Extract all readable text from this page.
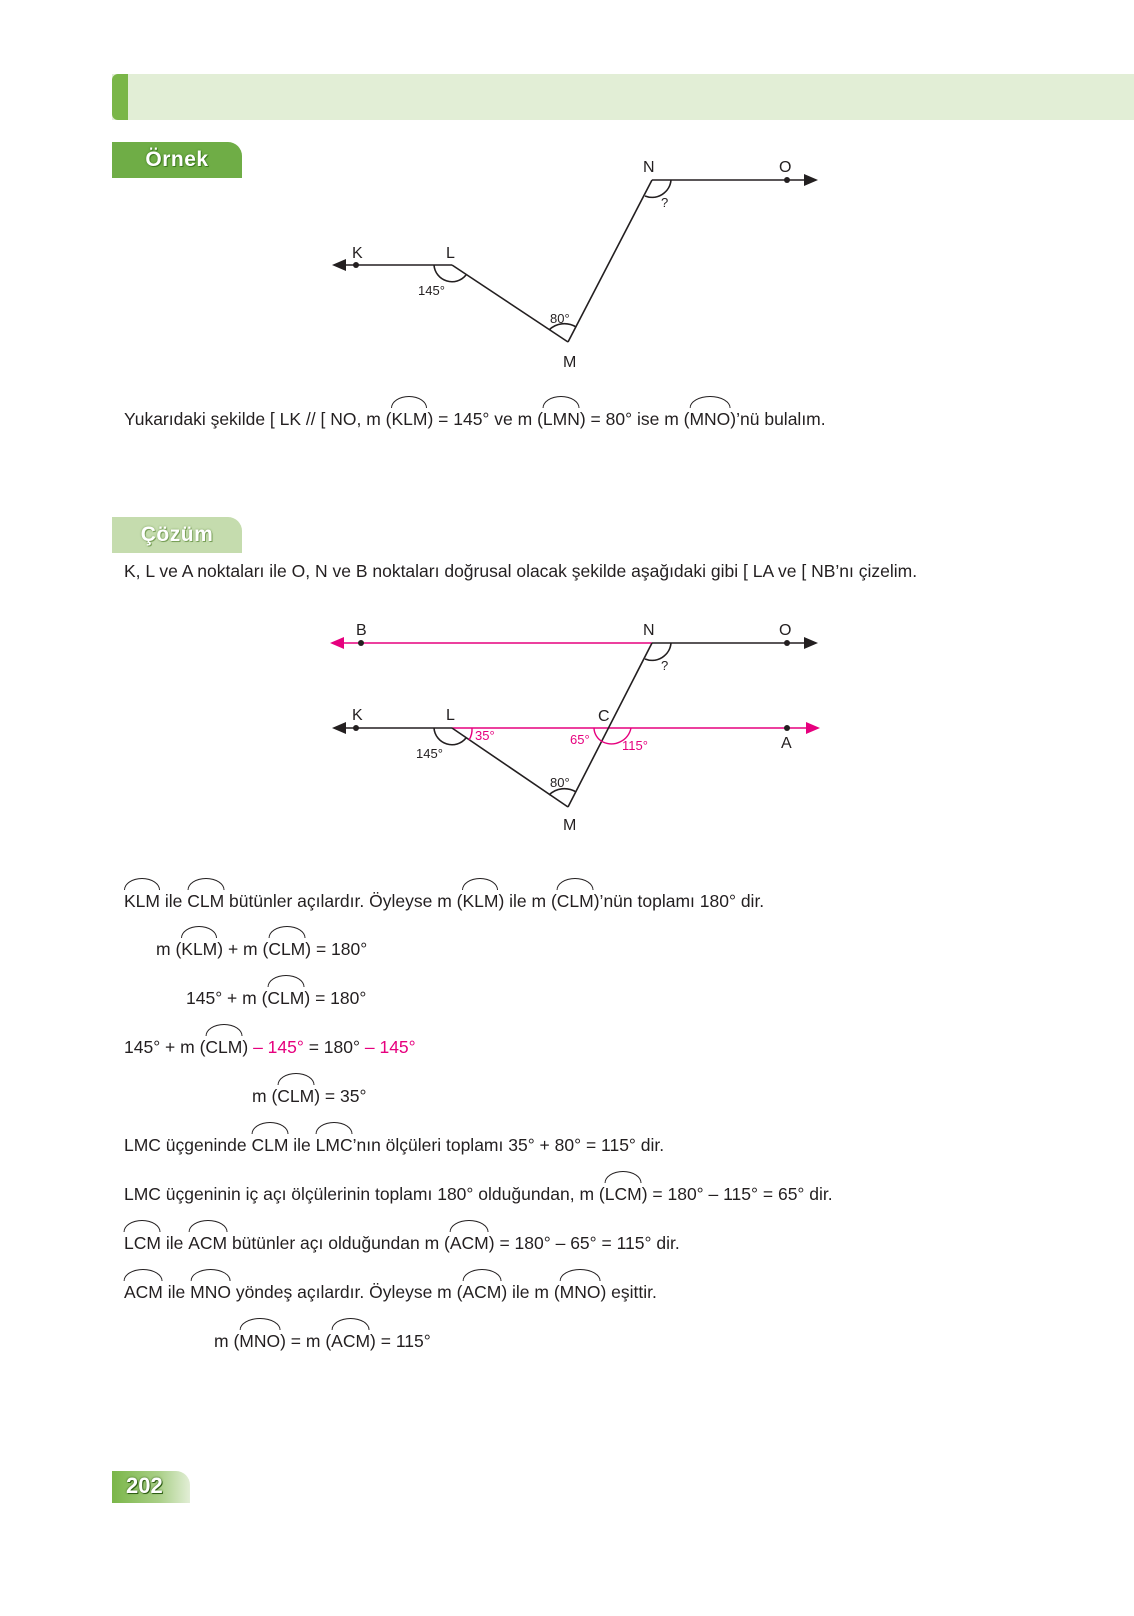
Örnek
K	L
M
N	O
145°
80°
?
Yukarıdaki şekilde [ LK // [ NO, m (KLM) = 145° ve m (LMN) = 80° ise m (MNO)’nü bulalım.
Çözüm
K, L ve A noktaları ile O, N ve B noktaları doğrusal olacak şekilde aşağıdaki gibi [ LA ve [ NB’nı çizelim.
B	N	O
K	L	C
A
M
145°
35°	65° 115°
80°
?
KLM ile CLM bütünler açılardır. Öyleyse m (KLM) ile m (CLM)’nün toplamı 180° dir.
m (KLM) + m (CLM) = 180°
145° + m (CLM) = 180°
145° + m (CLM) – 145° = 180° – 145°
m (CLM) = 35°
LMC üçgeninde CLM ile LMC’nın ölçüleri toplamı 35° + 80° = 115° dir.
LMC üçgeninin iç açı ölçülerinin toplamı 180° olduğundan, m (LCM) = 180° – 115° = 65° dir.
LCM ile ACM bütünler açı olduğundan m (ACM) = 180° – 65° = 115° dir.
ACM ile MNO yöndeş açılardır. Öyleyse m (ACM) ile m (MNO) eşittir.
m (MNO) = m (ACM) = 115°
202
